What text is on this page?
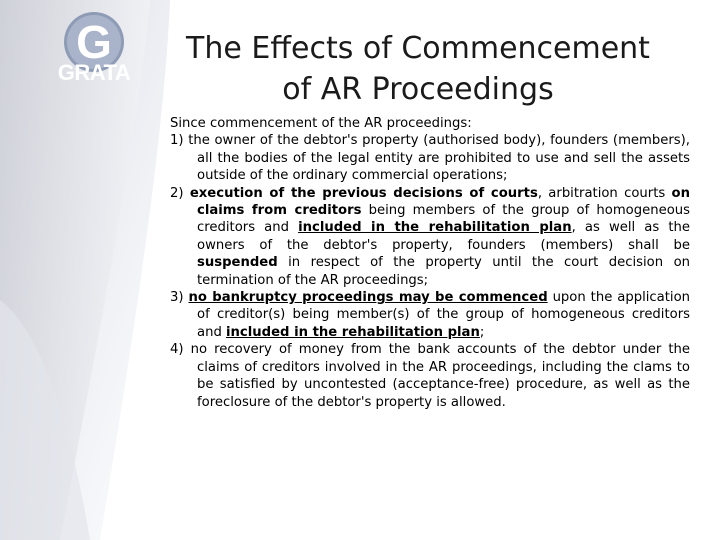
G
GRATA
The Effects of Commencement of AR Proceedings

Since commencement of the AR proceedings:

1) the owner of the debtor's property (authorised body), founders (members), all the bodies of the legal entity are prohibited to use and sell the assets outside of the ordinary commercial operations;

2) execution of the previous decisions of courts, arbitration courts on claims from creditors being members of the group of homogeneous creditors and included in the rehabilitation plan, as well as the owners of the debtor's property, founders (members) shall be suspended in respect of the property until the court decision on termination of the AR proceedings;

3) no bankruptcy proceedings may be commenced upon the application of creditor(s) being member(s) of the group of homogeneous creditors and included in the rehabilitation plan;

4) no recovery of money from the bank accounts of the debtor under the claims of creditors involved in the AR proceedings, including the clams to be satisfied by uncontested (acceptance-free) procedure, as well as the foreclosure of the debtor's property is allowed.
